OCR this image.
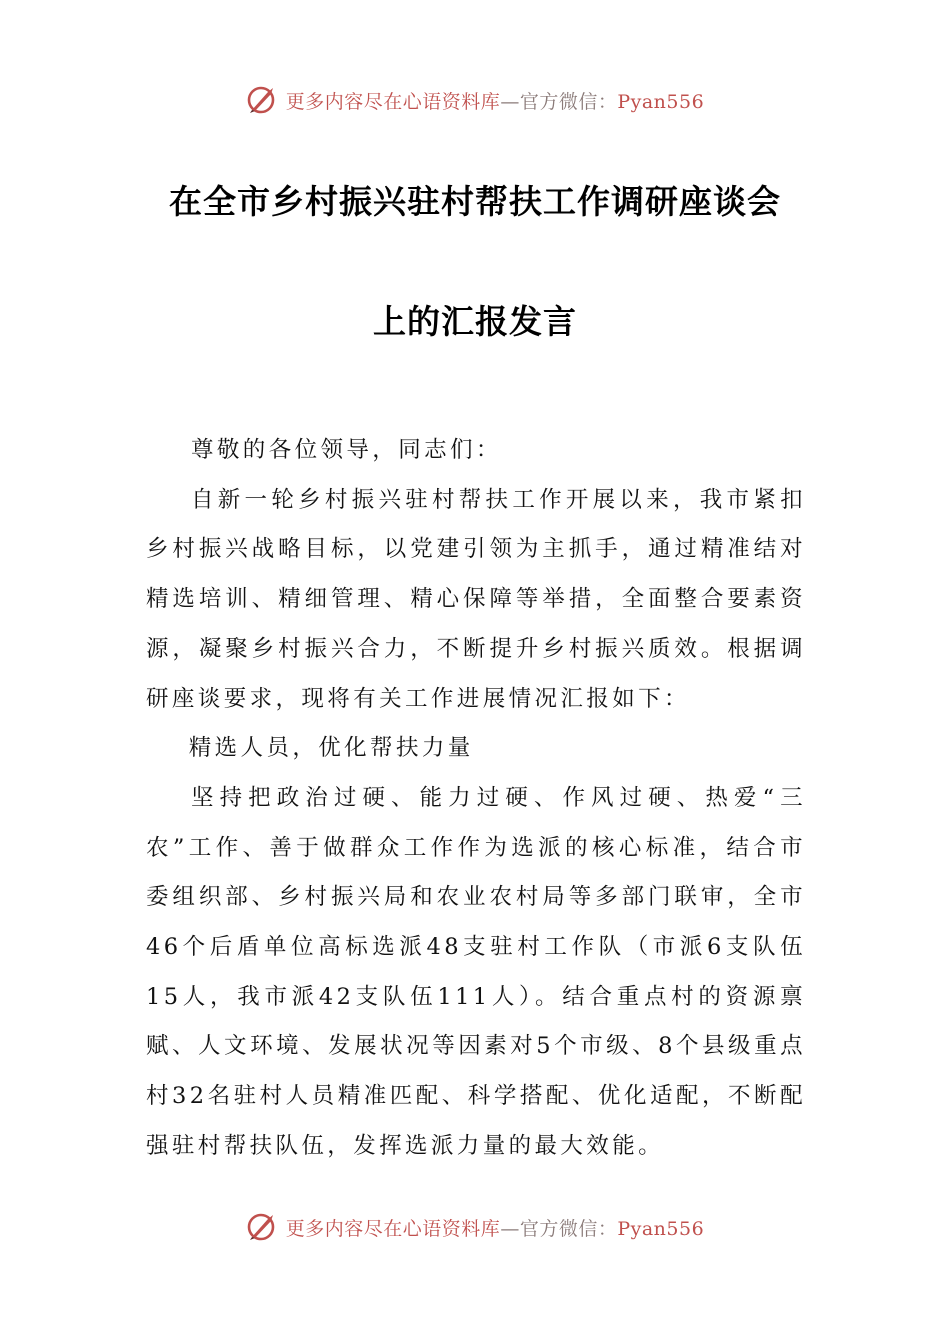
更多内容尽在心语资料库—官方微信：Pyan556
在全市乡村振兴驻村帮扶工作调研座谈会
上的汇报发言

尊敬的各位领导，同志们：

自新一轮乡村振兴驻村帮扶工作开展以来，我市紧扣乡村振兴战略目标，以党建引领为主抓手，通过精准结对精选培训、精细管理、精心保障等举措，全面整合要素资源，凝聚乡村振兴合力，不断提升乡村振兴质效。根据调研座谈要求，现将有关工作进展情况汇报如下：

精选人员，优化帮扶力量

坚持把政治过硬、能力过硬、作风过硬、热爱“三农”工作、善于做群众工作作为选派的核心标准，结合市委组织部、乡村振兴局和农业农村局等多部门联审，全市46个后盾单位高标选派48支驻村工作队（市派6支队伍15人，我市派42支队伍111人）。结合重点村的资源禀赋、人文环境、发展状况等因素对5个市级、8个县级重点村32名驻村人员精准匹配、科学搭配、优化适配，不断配强驻村帮扶队伍，发挥选派力量的最大效能。

更多内容尽在心语资料库—官方微信：Pyan556
